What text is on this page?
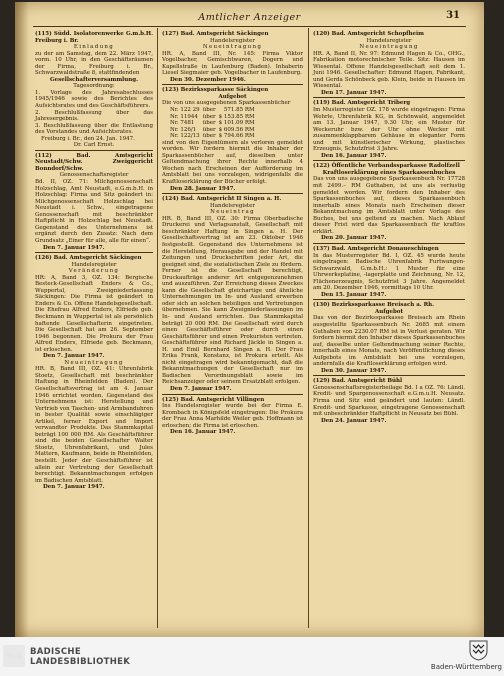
Amtlicher Anzeiger	31

(115) Südd. Isolatorenwerke G.m.b.H. Freiburg i. Br.

Einladung

zu der am Samstag, dem 22. März 1947, vorm. 10 Uhr, in den Geschäftsräumen der Firma, Freiburg i. Br., Schwarzwaldstraße 8, stattfindenden

Gesellschafterversammlung.

Tagesordnung:

1. Vorlage des Jahresabschlusses 1945/1946 sowie des Berichtes des Aufsichtsrates und des Geschäftsführers.

2. Beschlußfassung über das Jahresergebnis.

3. Beschlußfassung über die Entlastung des Vorstandes und Aufsichtsrates.

Freiburg i. Br., den 24. Jan. 1947.

Dr. Carl Ernst.

(112) Bad. Amtsgericht Neustadt/Schw. Zweiggericht Bonndorf/Schw.

Genossenschaftsregister

Bd. II, OZ. 71: Milchgenossenschaft Holzschlag, Amt Neustadt, e.G.m.b.H. in Holzschlag: Firma und Sitz geändert in: Milchgenossenschaft Holzschlag bei Neustadt i. Schw., eingetragene Genossenschaft mit beschränkter Haftpflicht in Holzschlag bei Neustadt. Gegenstand des Unternehmens ist ergänzt durch den Zusatz: Nach dem Grundsatz „Einer für alle, alle für einen“.

Den 7. Januar 1947.

(126) Bad. Amtsgericht Säckingen

Handelsregister

Veränderung

HR: A, Band 3, OZ. 134: Bergische Besteck-Gesellschaft Enders & Co., Wuppertal, Zweigniederlassung Säckingen: Die Firma ist geändert in Enders & Co. Offene Handelsgesellschaft. Die Ehefrau Alfred Enders, Elfriede geb. Beckmann in Wuppertal ist als persönlich haftende Gesellschafterin eingetreten. Die Gesellschaft hat am 26. September 1946 begonnen. Die Prokura der Frau Alfred Enders, Elfriede geb. Beckmann, ist erloschen.

Den 7. Januar 1947.

Neueintragung

HR. B, Band III, OZ. 41: Uhrenfabrik Stoetz, Gesellschaft mit beschränkter Haftung in Rheinfelden (Baden). Der Gesellschaftsvertrag ist am 4. Januar 1946 errichtet worden. Gegenstand des Unternehmens ist: Herstellung und Vertrieb von Taschen- und Armbanduhren in bester Qualität sowie einschlägiger Artikel, ferner Export und Import verwandter Produkte. Das Stammkapital beträgt 100 000 RM. Als Geschäftsführer sind die beiden Gesellschafter Walter Stoetz, Uhrenfabrikant, und Jules Mattern, Kaufmann, beide in Rheinfelden, bestellt. Jeder der Geschäftsführer ist allein zur Vertretung der Gesellschaft berechtigt. Bekanntmachungen erfolgen im Badischen Amtsblatt.

Den 7. Januar 1947.

(127) Bad. Amtsgericht Säckingen

Handelsregister

Neueintragung

HR. A, Band III, Nr. 145: Firma Viktor Vogelbacher, Gemischtwaren, Dogern und Kapellstraße in Laufenburg (Baden). Inhaberin Liesel Siegmaier geb. Vogelbacher in Laufenburg.

Den 30. Dezember 1946.

(123) Bezirkssparkasse Säckingen

Aufgebot

Die von uns ausgegebenen Sparkassenbücher

Nr. 122 29	über	571.85 RM
Nr. 11944	über	$ 153.85 RM
Nr. 7481	über	$ 101.09 RM
Nr. 126/1	über	$ 609.56 RM
Nr. 122/13	über	$ 794.66 RM

sind von den Eigentümern als verloren gemeldet worden. Wir fordern hiermit die Inhaber der Sparkassenbücher auf, dieselben unter Geltendmachung ihrer Rechte innerhalb 4 Wochen nach Erscheinen der Aufforderung im Amtsblatt bei uns vorzulegen, widrigenfalls die Kraftloserklärung der Bücher erfolgt.

Den 28. Januar 1947.

(124) Bad. Amtsgericht II Singen a. H.

Handelsregister

Neueintrag

HR. B, Band III, OZ. 30: Firma Oberbadische Druckerei und Verlagsanstalt, Gesellschaft mit beschränkter Haftung in Singen a. H. Der Gesellschaftsvertrag ist am 23. Oktober 1946 festgestellt. Gegenstand des Unternehmens ist die Herstellung, Herausgabe und der Handel mit Zeitungen und Druckschriften jeder Art, die geeignet sind, die sozialistischen Ziele zu fördern. Ferner ist die Gesellschaft berechtigt, Druckaufträge anderer Art entgegenzunehmen und auszuführen. Zur Erreichung dieses Zweckes kann die Gesellschaft gleichartige und ähnliche Unternehmungen im In- und Ausland erwerben oder sich an solchen beteiligen und Vertretungen übernehmen. Sie kann Zweigniederlassungen im In- und Ausland errichten. Das Stammkapital beträgt 20 000 RM. Die Gesellschaft wird durch einen Geschäftsführer oder durch einen Geschäftsführer und einen Prokuristen vertreten. Geschäftsführer sind Richard Jäckle in Singen a. H. und Emil Bernhard Singen a. H. Der Frau Erika Frank, Konstanz, ist Prokura erteilt. Als nicht eingetragen wird bekanntgemacht, daß die Bekanntmachungen der Gesellschaft nur im Badischen Verordnungsblatt sowie im Reichsanzeiger oder seinem Ersatzblatt erfolgen.

Den 7. Januar 1947.

(125) Bad. Amtsgericht Villingen

Ins Handelsregister wurde bei der Firma E. Krombach in Königsfeld eingetragen: Die Prokura der Frau Anna Marhilde Weiler geb. Hoffmann ist erloschen; die Firma ist erloschen.

Den 16. Januar 1947.

(120) Bad. Amtsgericht Schopfheim

Handelsregister

Neueintragung

HR. A, Band II, Nr. 97: Edmund Hagen & Co., OHG., Fabrikation motorechnischer Teile. Sitz: Hausen im Wiesental. Offene Handelsgesellschaft seit dem 1. Juni 1946. Gesellschafter: Edmund Hagen, Fabrikant, und Gerda Schönbeck geb. Klein, beide in Hausen im Wiesental.

Den 17. Januar 1947.

(119) Bad. Amtsgericht Triberg

Im Musterregister OZ. 178 wurde eingetragen: Firma Wehrle, Uhrenfabrik KG, in Schönwald, angemeldet am 13. Januar 1947, 9.30 Uhr, ein Muster für Weckeruhr bzw. der Uhr ohne Wecker mit zusammenklappbarem Gehäuse in eleganter Form und mit künstlerischer Wirkung, plastisches Erzeugnis, Schutzfrist 3 Jahre.

Den 16. Januar 1947.

(122) Öffentliche Verbandssparkasse Radolfzell

Kraftloserklärung eines Sparkassenbuches

Das von uns ausgegebene Sparkassenbuch Nr. 17728 mit 2499.– RM Guthaben, ist uns als verlustig gemeldet worden. Wir fordern den Inhaber des Sparkassenbuches auf, dieses Sparkassenbuch innerhalb eines Monats nach Erscheinen dieser Bekanntmachung im Amtsblatt unter Vorlage des Buches, bei uns geltend zu machen. Nach Ablauf dieser Frist wird das Sparkassenbuch für kraftlos erklärt.

Den 20. Januar 1947.

(137) Bad. Amtsgericht Donaueschingen

In das Musterregister Bd. I, OZ. 45 wurde heute eingetragen: Badische Uhrenfabrik Furtwangen-Schwarzwald, G.m.b.H.: 1 Muster für eine Uhrwerksplatine, -lagerplatte und Zeichnung, Nr. 12, Flächenerzeugnis, Schutzfrist 3 Jahre. Angemeldet am 20. Dezember 1946, vormittags 10 Uhr.

Den 15. Januar 1947.

(130) Bezirkssparkasse Breisach a. Rh.

Aufgebot

Das von der Bezirkssparkasse Breisach am Rhein ausgestellte Sparkassenbuch Nr. 2685 mit einem Guthaben von 2230.07 RM ist in Verlust geraten. Wir fordern hiermit den Inhaber dieses Sparkassenbuches auf, dasselbe unter Geltendmachung seiner Rechte, innerhalb eines Monats, nach Veröffentlichung dieses Aufgebots im Amtsblatt bei uns vorzulegen, andernfalls die Kraftloserklärung erfolgen wird.

Den 30. Januar 1947.

(129) Bad. Amtsgericht Bühl

Genossenschaftsregisterbeilage Bd. I a OZ. 76: Ländl. Kredit- und Spargenossenschaft e.G.m.u.H. Neusatz. Firma und Sitz sind geändert und lauten: Ländl. Kredit- und Sparkasse, eingetragene Genossenschaft mit unbeschränkter Haftpflicht in Neusatz bei Bühl.

Den 24. Januar 1947.

BLB BADISCHE
LANDESBIBLIOTHEK	Baden-Württemberg
